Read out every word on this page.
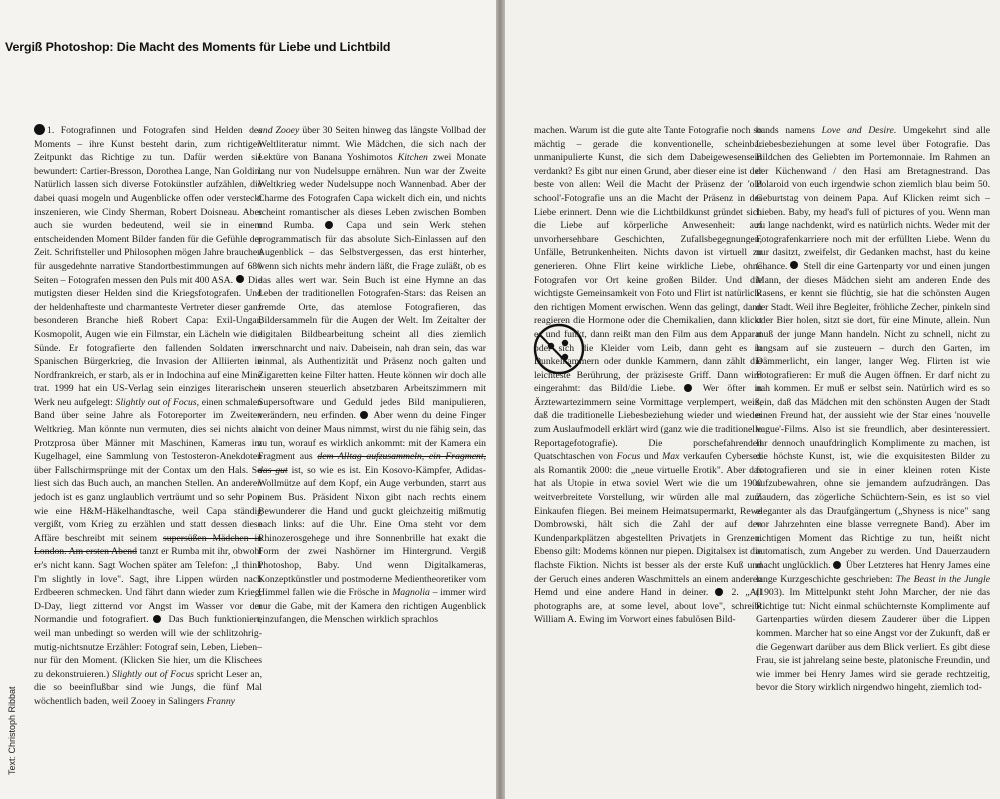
Vergiß Photoshop: Die Macht des Moments für Liebe und Lichtbild

1. Fotografinnen und Fotografen sind Helden des Moments – ihre Kunst besteht darin, zum richtigen Zeitpunkt das Richtige zu tun. Dafür werden sie bewundert: Cartier-Bresson, Dorothea Lange, Nan Goldin. Natürlich lassen sich diverse Fotokünstler aufzählen, die dabei quasi mogeln und Augenblicke offen oder versteckt inszenieren, wie Cindy Sherman, Robert Doisneau. Aber auch sie wurden bedeutend, weil sie in einem entscheidenden Moment Bilder fanden für die Gefühle der Zeit. Schriftsteller und Philosophen mögen Jahre brauchen für ausgedehnte narrative Standortbestimmungen auf 680 Seiten – Fotografen messen den Puls mit 400 ASA. Die mutigsten dieser Helden sind die Kriegsfotografen. Und der heldenhafteste und charmanteste Vertreter dieser ganz besonderen Branche hieß Robert Capa: Exil-Ungar, Kosmopolit, Augen wie ein Filmstar, ein Lächeln wie die Sünde. Er fotografierte den fallenden Soldaten im Spanischen Bürgerkrieg, die Invasion der Alliierten in Nordfrankreich, er starb, als er in Indochina auf eine Mine trat. 1999 hat ein US-Verlag sein einziges literarisches Werk neu aufgelegt: Slightly out of Focus, einen schmalen Band über seine Jahre als Fotoreporter im Zweiten Weltkrieg. Man könnte nun vermuten, dies sei nichts als Protzprosa über Männer mit Maschinen, Kameras im Kugelhagel, eine Sammlung von Testosteron-Anekdoten über Fallschirmsprünge mit der Contax um den Hals. So liest sich das Buch auch, an manchen Stellen. An anderen jedoch ist es ganz unglaublich verträumt und so sehr Pop wie eine H&M-Häkelhandtasche, weil Capa ständig vergißt, vom Krieg zu erzählen und statt dessen diese Affäre beschreibt mit seinem supersüßen Mädchen in London. Am ersten Abend tanzt er Rumba mit ihr, obwohl er's nicht kann. Sagt Wochen später am Telefon: „I think I'm slightly in love". Sagt, ihre Lippen würden nach Erdbeeren schmecken. Und fährt dann wieder zum Krieg, D-Day, liegt zitternd vor Angst im Wasser vor der Normandie und fotografiert. Das Buch funktioniert, weil man unbedingt so werden will wie der schlitzohrig-mutig-nichtsnutze Erzähler: Fotograf sein, Leben, Lieben– nur für den Moment. (Klicken Sie hier, um die Klischees zu dekonstruieren.) Slightly out of Focus spricht Leser an, die so beeinflußbar sind wie Jungs, die fünf Mal wöchentlich baden, weil Zooey in Salingers Franny

and Zooey über 30 Seiten hinweg das längste Vollbad der Weltliteratur nimmt. Wie Mädchen, die sich nach der Lektüre von Banana Yoshimotos Kitchen zwei Monate lang nur von Nudelsuppe ernähren. Nun war der Zweite Weltkrieg weder Nudelsuppe noch Wannenbad. Aber der Charme des Fotografen Capa wickelt dich ein, und nichts scheint romantischer als dieses Leben zwischen Bomben und Rumba.	Capa und sein Werk stehen programmatisch für das absolute Sich-Einlassen auf den Augenblick – das Selbstvergessen, das erst hinterher, wenn sich nichts mehr ändern läßt, die Frage zuläßt, ob es das alles wert war. Sein Buch ist eine Hymne an das Leben der traditionellen Fotografen-Stars: das Reisen an fremde Orte, das atemlose Fotografieren, das Bildersammeln für die Augen der Welt. Im Zeitalter der digitalen Bildbearbeitung scheint all dies ziemlich verschnarcht und naiv. Dabeisein, nah dran sein, das war einmal, als Authentizität und Präsenz noch galten und Zigaretten keine Filter hatten. Heute können wir doch alle in unseren steuerlich absetzbaren Arbeitszimmern mit Supersoftware und Geduld jedes Bild manipulieren, verändern, neu erfinden. Aber wenn du deine Finger nicht von deiner Maus nimmst, wirst du nie fähig sein, das zu tun, worauf es wirklich ankommt: mit der Kamera ein Fragment aus dem Alltag aufzusammeln, ein Fragment, das gut ist, so wie es ist. Ein Kosovo-Kämpfer, Adidas-Wollmütze auf dem Kopf, ein Auge verbunden, starrt aus einem Bus. Präsident Nixon gibt nach rechts einem Bewunderer die Hand und guckt gleichzeitig mißmutig nach links: auf die Uhr. Eine Oma steht vor dem Rhinozerosgehege und ihre Sonnenbrille hat exakt die Form der zwei Nashörner im Hintergrund. Vergiß Photoshop, Baby. Und wenn Digitalkameras, Konzeptkünstler und postmoderne Medientheoretiker vom Himmel fallen wie die Frösche in Magnolia – immer wird nur die Gabe, mit der Kamera den richtigen Augenblick einzufangen, die Menschen wirklich sprachlos

Text: Christoph Ribbat

machen. Warum ist die gute alte Tante Fotografie noch so mächtig – gerade die konventionelle, scheinbar unmanipulierte Kunst, die sich dem Dabeigewesensein verdankt? Es gibt nur einen Grund, aber dieser eine ist der beste von allen: Weil die Macht der Präsenz der 'old school'-Fotografie uns an die Macht der Präsenz in der Liebe erinnert. Denn wie die Lichtbildkunst gründet sich die Liebe auf körperliche Anwesenheit: auf unvorhersehbare Geschichten, Zufallsbegegnungen, Unfälle, Betrunkenheiten. Nichts davon ist virtuell zu generieren. Ohne Flirt keine wirkliche Liebe, ohne Fotografen vor Ort keine großen Bilder. Und die wichtigste Gemeinsamkeit von Foto und Flirt ist natürlich: den richtigen Moment erwischen. Wenn das gelingt, dann reagieren die Hormone oder die Chemikalien, dann klickt es und funkt, dann reißt man den Film aus dem Apparat oder sich die Kleider vom Leib, dann geht es in Dunkelkammern oder dunkle Kammern, dann zählt die leichteste Berührung, der präziseste Griff. Dann wird eingerahmt: das Bild/die Liebe.	Wer öfter in Ärztewartezimmern seine Vormittage verplempert, weiß, daß die traditionelle Liebesbeziehung wieder und wieder zum Auslaufmodell erklärt wird (ganz wie die traditionelle Reportagefotografie). Die porschefahrenden Quatschtaschen von Focus und Max verkaufen Cybersex als Romantik 2000: die „neue virtuelle Erotik". Aber das hat als Utopie in etwa soviel Wert wie die um 1900 weitverbreitete Vorstellung, wir würden alle mal zum Einkaufen fliegen. Bei meinem Heimatsupermarkt, Rewe Dombrowski, hält sich die Zahl der auf den Kundenparkplätzen abgestellten Privatjets in Grenzen. Ebenso gilt: Modems können nur piepen. Digitalsex ist die flachste Fiktion. Nichts ist besser als der erste Kuß und der Geruch eines anderen Waschmittels an einem anderen Hemd und eine andere Hand in deiner. 2. „All photographs are, at some level, about love", schreibt William A. Ewing im Vorwort eines fabulösen Bild-

bands namens Love and Desire. Umgekehrt sind alle Liebesbeziehungen at some level über Fotografie. Das Bildchen des Geliebten im Portemonnaie. Im Rahmen an der Küchenwand / den Hasi am Bretagnestrand. Das Polaroid von euch irgendwie schon ziemlich blau beim 50. Geburtstag von deinem Papa. Auf Klicken reimt sich – Lieben. Baby, my head's full of pictures of you. Wenn man zu lange nachdenkt, wird es natürlich nichts. Weder mit der Fotografenkarriere noch mit der erfüllten Liebe. Wenn du nur dasitzt, zweifelst, dir Gedanken machst, hast du keine Chance. Stell dir eine Gartenparty vor und einen jungen Mann, der dieses Mädchen sieht am anderen Ende des Rasens, er kennt sie flüchtig, sie hat die schönsten Augen der Stadt. Weil ihre Begleiter, fröhliche Zecher, pinkeln sind oder Bier holen, sitzt sie dort, für eine Minute, allein. Nun muß der junge Mann handeln. Nicht zu schnell, nicht zu langsam auf sie zusteuern – durch den Garten, im Dämmerlicht, ein langer, langer Weg. Flirten ist wie Fotografieren: Er muß die Augen öffnen. Er darf nicht zu nah kommen. Er muß er selbst sein. Natürlich wird es so sein, daß das Mädchen mit den schönsten Augen der Stadt einen Freund hat, der aussieht wie der Star eines 'nouvelle vague'-Films. Also ist sie freundlich, aber desinteressiert. Ihr dennoch unaufdringlich Komplimente zu machen, ist die höchste Kunst, ist, wie die exquisitesten Bilder zu fotografieren und sie in einer kleinen roten Kiste aufzubewahren, ohne sie jemandem aufzudrängen. Das Zaudern, das zögerliche Schüchtern-Sein, es ist so viel eleganter als das Draufgängertum („Shyness is nice" sang vor Jahrzehnten eine blasse verregnete Band). Aber im richtigen Moment das Richtige zu tun, heißt nicht automatisch, zum Angeber zu werden. Und Dauerzaudern macht unglücklich. Über Letzteres hat Henry James eine lange Kurzgeschichte geschrieben: The Beast in the Jungle (1903). Im Mittelpunkt steht John Marcher, der nie das Richtige tut: Nicht einmal schüchternste Komplimente auf Gartenparties würden diesem Zauderer über die Lippen kommen. Marcher hat so eine Angst vor der Zukunft, daß er die Gegenwart darüber aus dem Blick verliert. Es gibt diese Frau, sie ist jahrelang seine beste, platonische Freundin, und wie immer bei Henry James wird sie gerade rechtzeitig, bevor die Story wirklich nirgendwo hingeht, ziemlich tod-
